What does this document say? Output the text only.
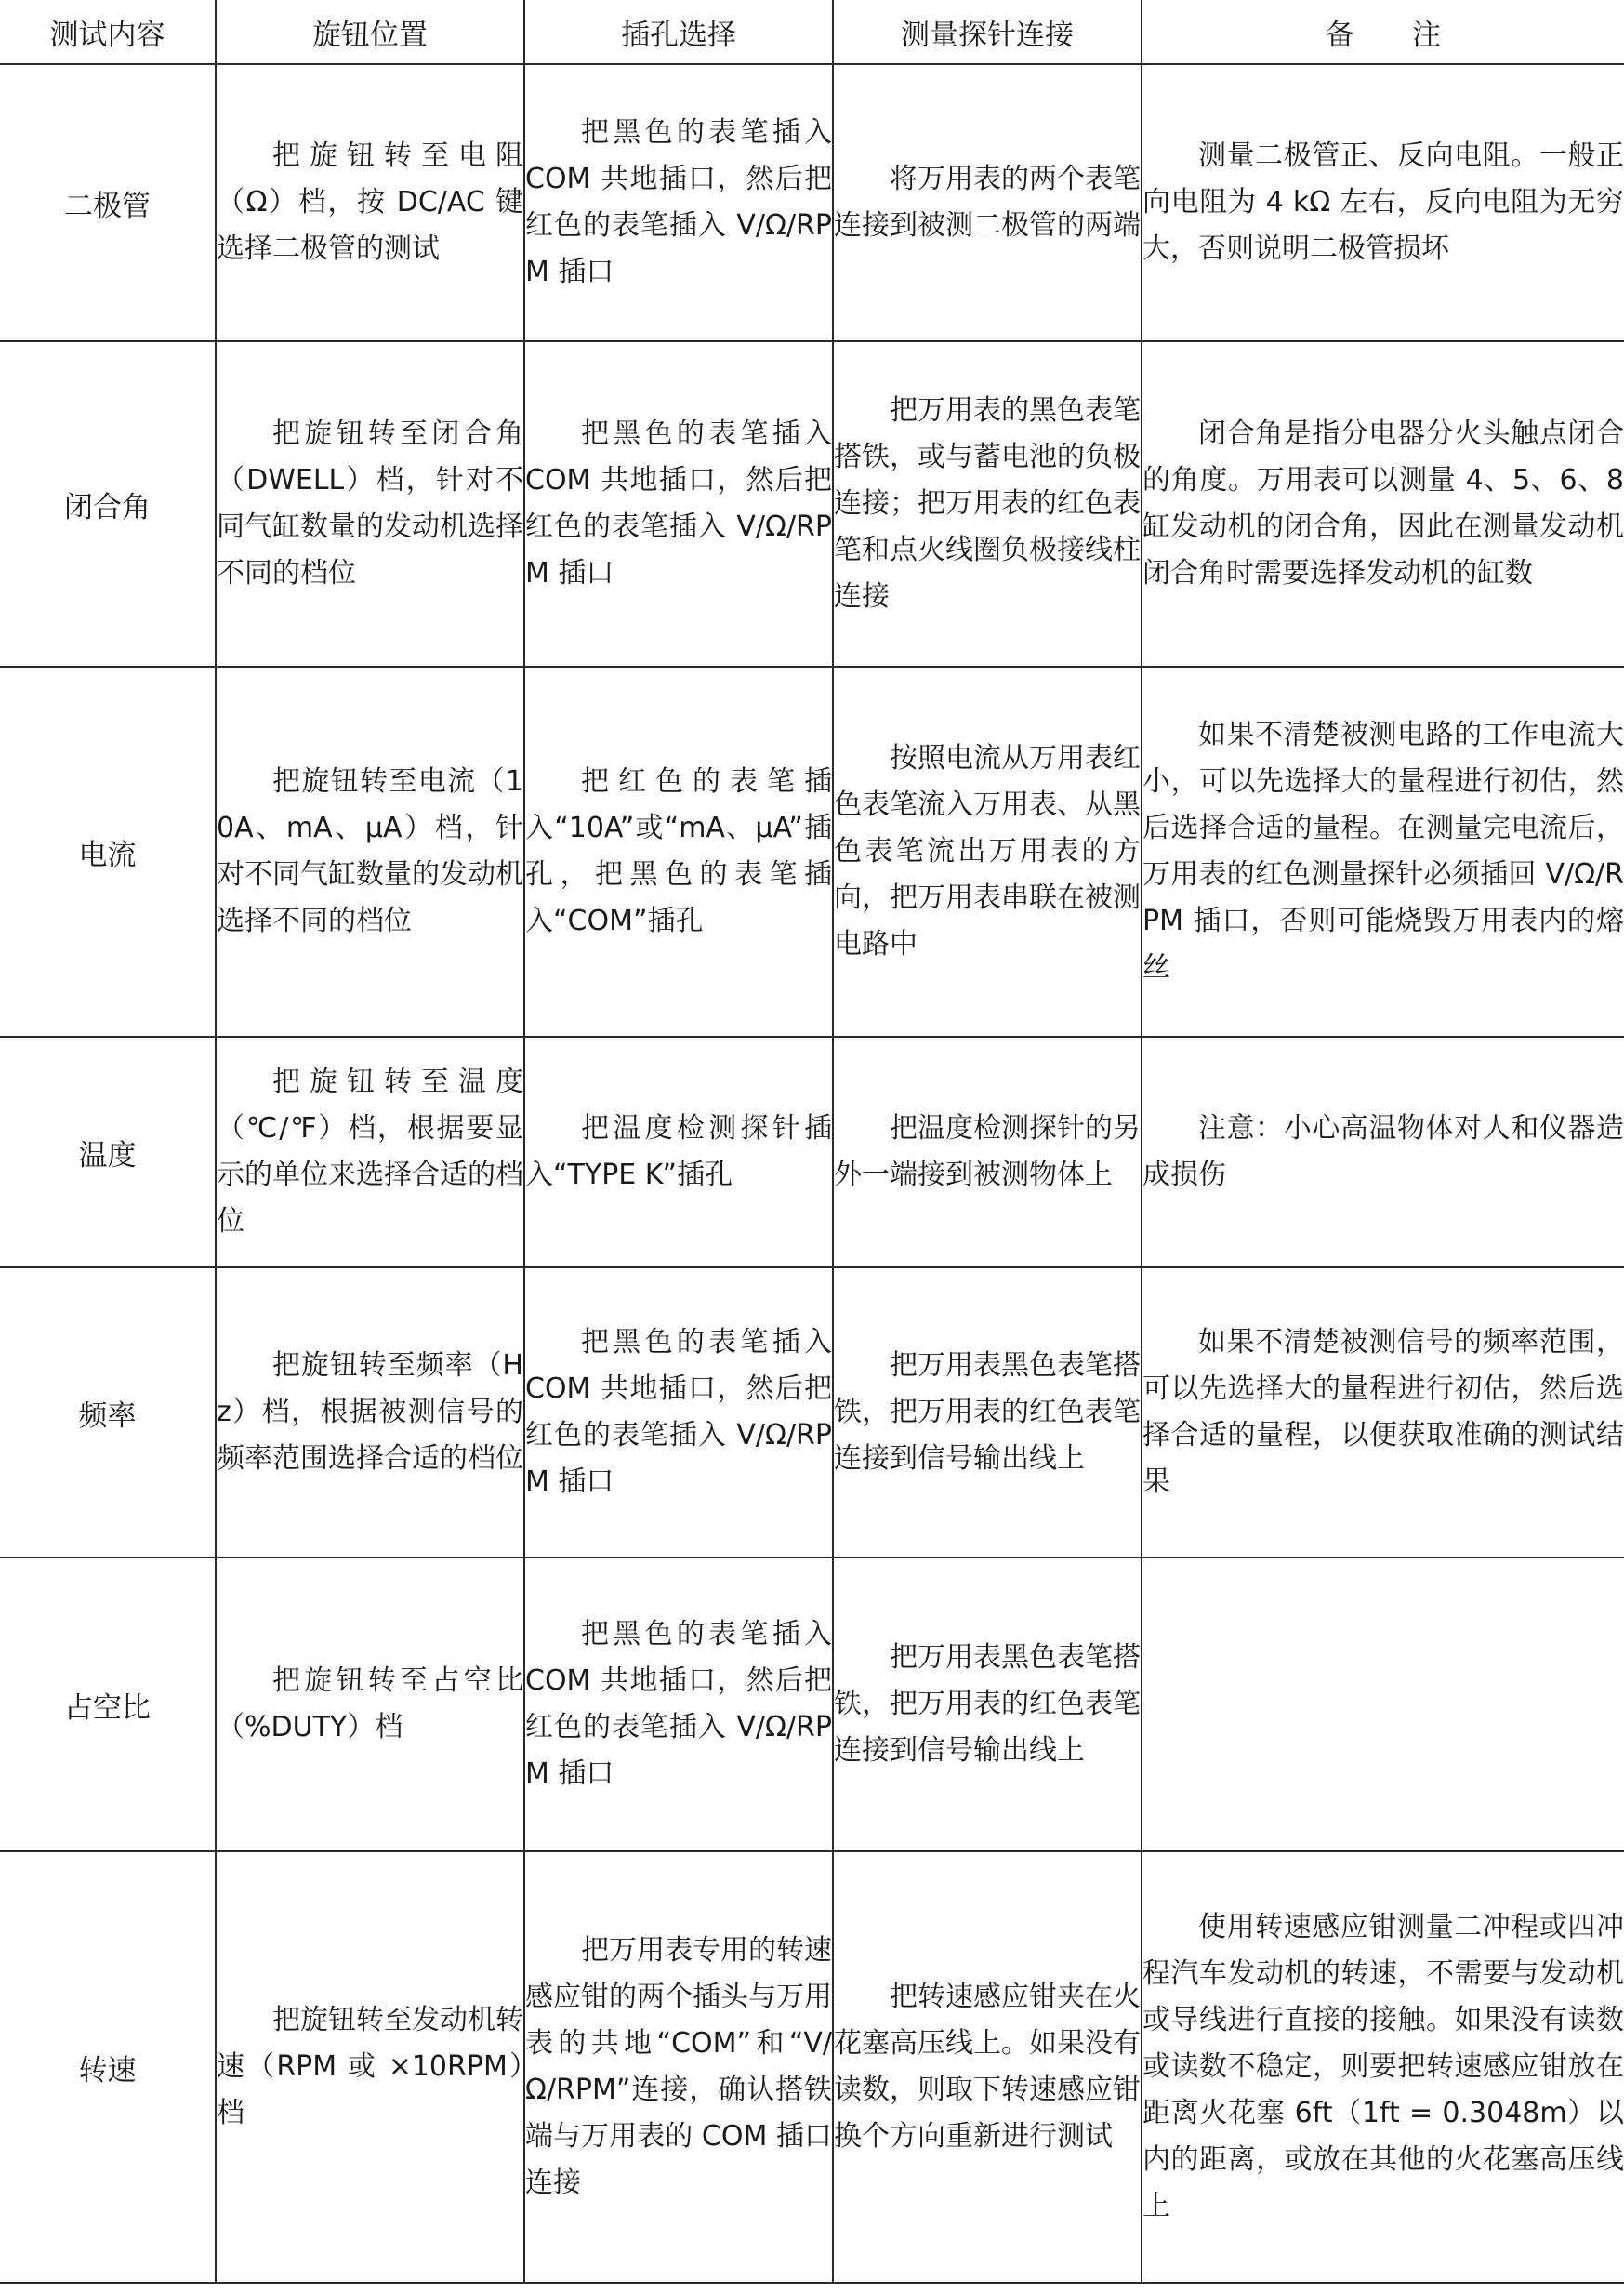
测试内容	旋钮位置	插孔选择	测量探针连接	备　　注
二极管	把旋钮转至电阻（Ω）档，按 DC/AC 键选择二极管的测试	把黑色的表笔插入 COM 共地插口，然后把红色的表笔插入 V/Ω/RPM 插口	将万用表的两个表笔连接到被测二极管的两端	测量二极管正、反向电阻。一般正向电阻为 4 kΩ 左右，反向电阻为无穷大，否则说明二极管损坏

闭合角	把旋钮转至闭合角（DWELL）档，针对不同气缸数量的发动机选择不同的档位	把黑色的表笔插入 COM 共地插口，然后把红色的表笔插入 V/Ω/RPM 插口	把万用表的黑色表笔搭铁，或与蓄电池的负极连接；把万用表的红色表笔和点火线圈负极接线柱连接	闭合角是指分电器分火头触点闭合的角度。万用表可以测量 4、5、6、8 缸发动机的闭合角，因此在测量发动机闭合角时需要选择发动机的缸数

电流	把旋钮转至电流（10A、mA、μA）档，针对不同气缸数量的发动机选择不同的档位	把红色的表笔插入“10A”或“mA、μA”插孔，把黑色的表笔插入“COM”插孔	按照电流从万用表红色表笔流入万用表、从黑色表笔流出万用表的方向，把万用表串联在被测电路中	如果不清楚被测电路的工作电流大小，可以先选择大的量程进行初估，然后选择合适的量程。在测量完电流后，万用表的红色测量探针必须插回 V/Ω/RPM 插口，否则可能烧毁万用表内的熔丝

温度	把旋钮转至温度（℃/℉）档，根据要显示的单位来选择合适的档位	把温度检测探针插入“TYPE K”插孔	把温度检测探针的另外一端接到被测物体上	注意：小心高温物体对人和仪器造成损伤

频率	把旋钮转至频率（Hz）档，根据被测信号的频率范围选择合适的档位	把黑色的表笔插入 COM 共地插口，然后把红色的表笔插入 V/Ω/RPM 插口	把万用表黑色表笔搭铁，把万用表的红色表笔连接到信号输出线上	如果不清楚被测信号的频率范围，可以先选择大的量程进行初估，然后选择合适的量程，以便获取准确的测试结果

占空比	把旋钮转至占空比（%DUTY）档	把黑色的表笔插入 COM 共地插口，然后把红色的表笔插入 V/Ω/RPM 插口	把万用表黑色表笔搭铁，把万用表的红色表笔连接到信号输出线上	

转速	把旋钮转至发动机转速（RPM 或 ×10RPM）档	把万用表专用的转速感应钳的两个插头与万用表的共地“COM”和“V/Ω/RPM”连接，确认搭铁端与万用表的 COM 插口连接	把转速感应钳夹在火花塞高压线上。如果没有读数，则取下转速感应钳换个方向重新进行测试	使用转速感应钳测量二冲程或四冲程汽车发动机的转速，不需要与发动机或导线进行直接的接触。如果没有读数或读数不稳定，则要把转速感应钳放在距离火花塞 6ft（1ft = 0.3048m）以内的距离，或放在其他的火花塞高压线上
